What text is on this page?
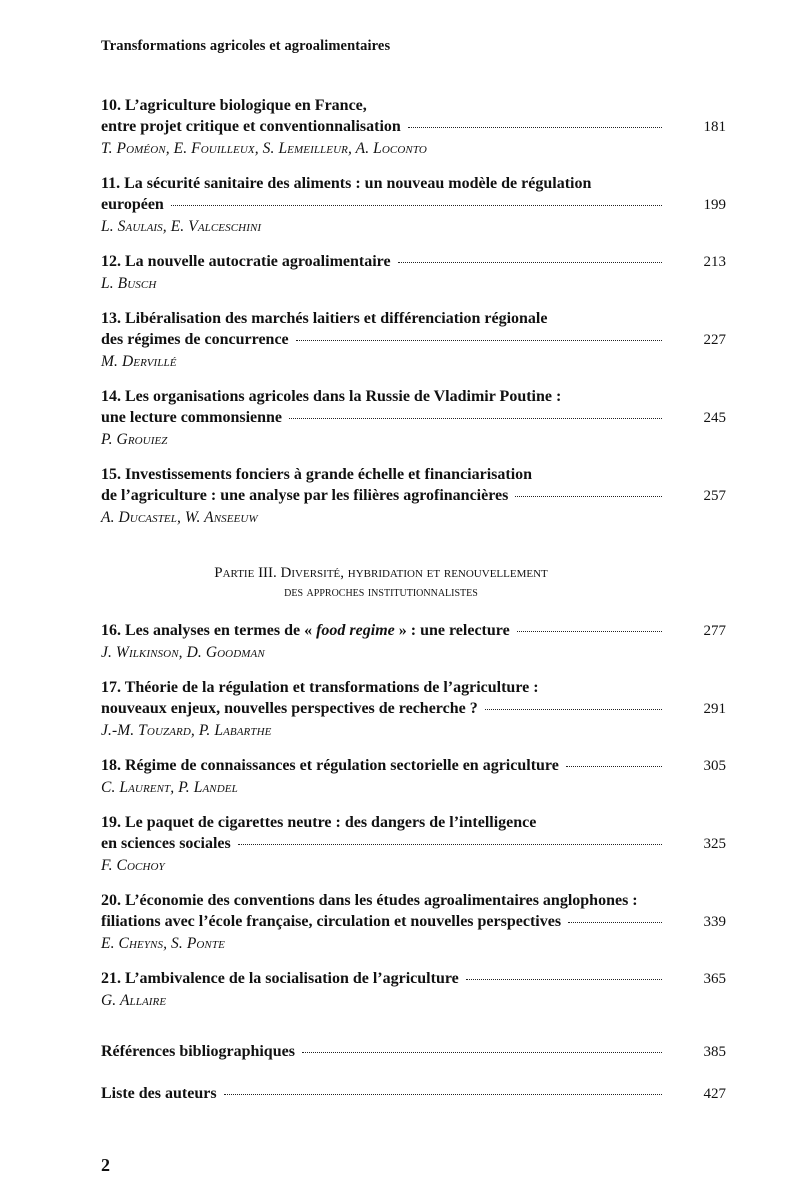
Transformations agricoles et agroalimentaires
10. L’agriculture biologique en France,
entre projet critique et conventionnalisation	181
T. Poméon, E. Fouilleux, S. Lemeilleur, A. Loconto
11. La sécurité sanitaire des aliments : un nouveau modèle de régulation
européen	199
L. Saulais, E. Valceschini
12. La nouvelle autocratie agroalimentaire	213
L. Busch
13. Libéralisation des marchés laitiers et différenciation régionale
des régimes de concurrence	227
M. Dervillé
14. Les organisations agricoles dans la Russie de Vladimir Poutine :
une lecture commonsienne	245
P. Grouiez
15. Investissements fonciers à grande échelle et financiarisation
de l’agriculture : une analyse par les filières agrofinancières	257
A. Ducastel, W. Anseeuw
Partie III. Diversité, hybridation et renouvellement
des approches institutionnalistes
16. Les analyses en termes de « food regime » : une relecture	277
J. Wilkinson, D. Goodman
17. Théorie de la régulation et transformations de l’agriculture :
nouveaux enjeux, nouvelles perspectives de recherche ?	291
J.-M. Touzard, P. Labarthe
18. Régime de connaissances et régulation sectorielle en agriculture	305
C. Laurent, P. Landel
19. Le paquet de cigarettes neutre : des dangers de l’intelligence
en sciences sociales	325
F. Cochoy
20. L’économie des conventions dans les études agroalimentaires anglophones :
filiations avec l’école française, circulation et nouvelles perspectives	339
E. Cheyns, S. Ponte
21. L’ambivalence de la socialisation de l’agriculture	365
G. Allaire
Références bibliographiques	385
Liste des auteurs	427
2
